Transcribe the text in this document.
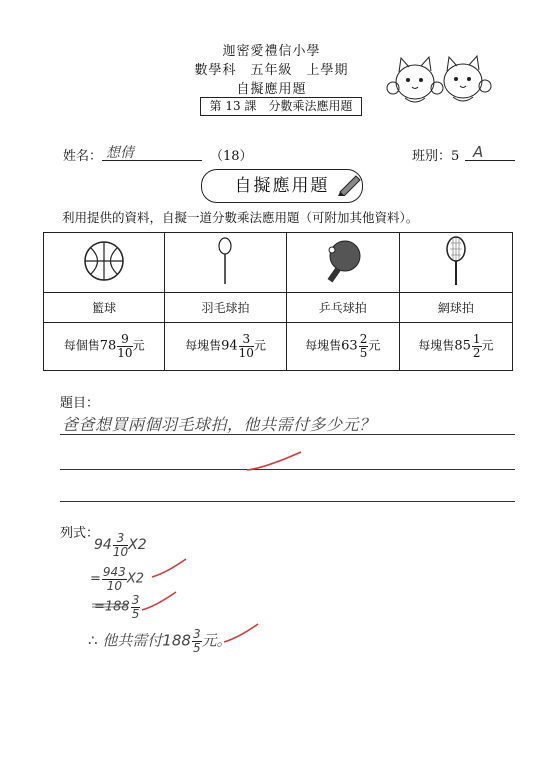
迦密愛禮信小學
數學科　五年級　上學期
自擬應用題
第 13 課　分數乘法應用題
姓名： 想倩	（18）	班別：5 A
自擬應用題
利用提供的資料，自擬一道分數乘法應用題（可附加其他資料）。

籃球	羽毛球拍	乒乓球拍	網球拍
每個售$78 \frac{9}{10}$ 元	每塊售$94 \frac{3}{10}$ 元	每塊售$63 \frac{2}{5}$ 元	每塊售$85 \frac{1}{2}$ 元
題目：
爸爸想買兩個羽毛球拍，他共需付多少元？
列式：
$94 \frac{3}{10} X2$
= $\frac{943}{10} X2$
$=188 \frac{3}{5}$
∴ 他共需付$188 \frac{3}{5}$ 元。
